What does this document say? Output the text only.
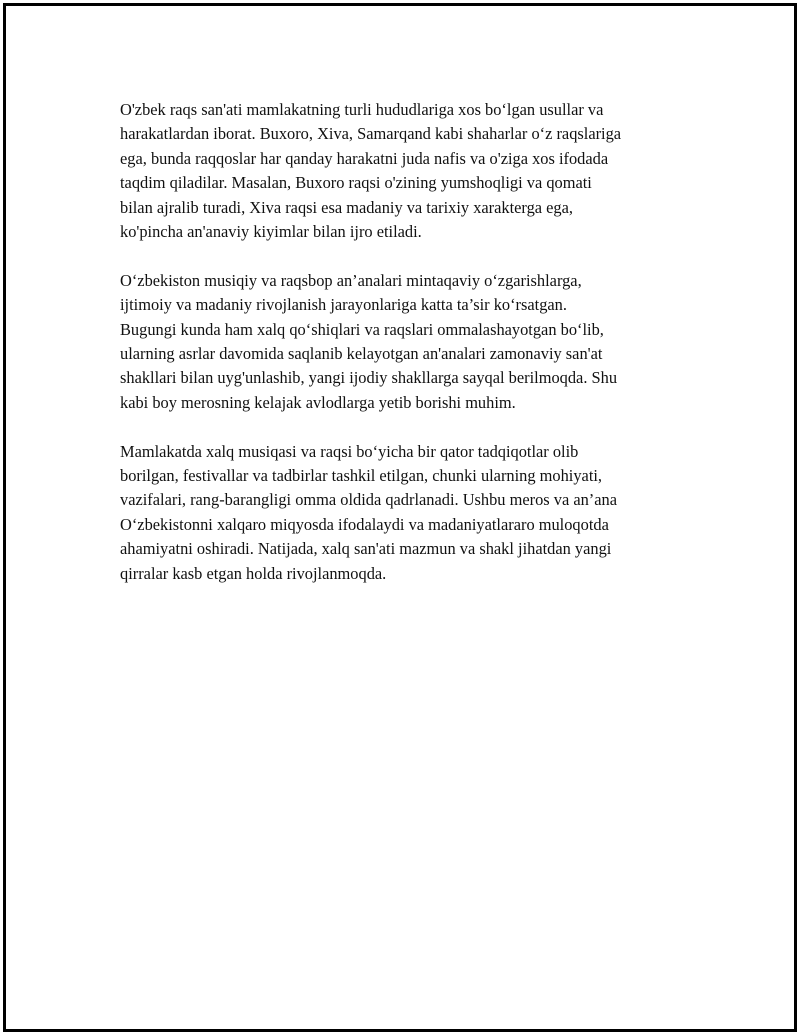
O'zbek raqs san'ati mamlakatning turli hududlariga xos bo‘lgan usullar va
harakatlardan iborat. Buxoro, Xiva, Samarqand kabi shaharlar o‘z raqslariga
ega, bunda raqqoslar har qanday harakatni juda nafis va o'ziga xos ifodada
taqdim qiladilar. Masalan, Buxoro raqsi o'zining yumshoqligi va qomati
bilan ajralib turadi, Xiva raqsi esa madaniy va tarixiy xarakterga ega,
ko'pincha an'anaviy kiyimlar bilan ijro etiladi.

O‘zbekiston musiqiy va raqsbop an’analari mintaqaviy o‘zgarishlarga,
ijtimoiy va madaniy rivojlanish jarayonlariga katta ta’sir ko‘rsatgan.
Bugungi kunda ham xalq qo‘shiqlari va raqslari ommalashayotgan bo‘lib,
ularning asrlar davomida saqlanib kelayotgan an'analari zamonaviy san'at
shakllari bilan uyg'unlashib, yangi ijodiy shakllarga sayqal berilmoqda. Shu
kabi boy merosning kelajak avlodlarga yetib borishi muhim.

Mamlakatda xalq musiqasi va raqsi bo‘yicha bir qator tadqiqotlar olib
borilgan, festivallar va tadbirlar tashkil etilgan, chunki ularning mohiyati,
vazifalari, rang-barangligi omma oldida qadrlanadi. Ushbu meros va an’ana
O‘zbekistonni xalqaro miqyosda ifodalaydi va madaniyatlararo muloqotda
ahamiyatni oshiradi. Natijada, xalq san'ati mazmun va shakl jihatdan yangi
qirralar kasb etgan holda rivojlanmoqda.
